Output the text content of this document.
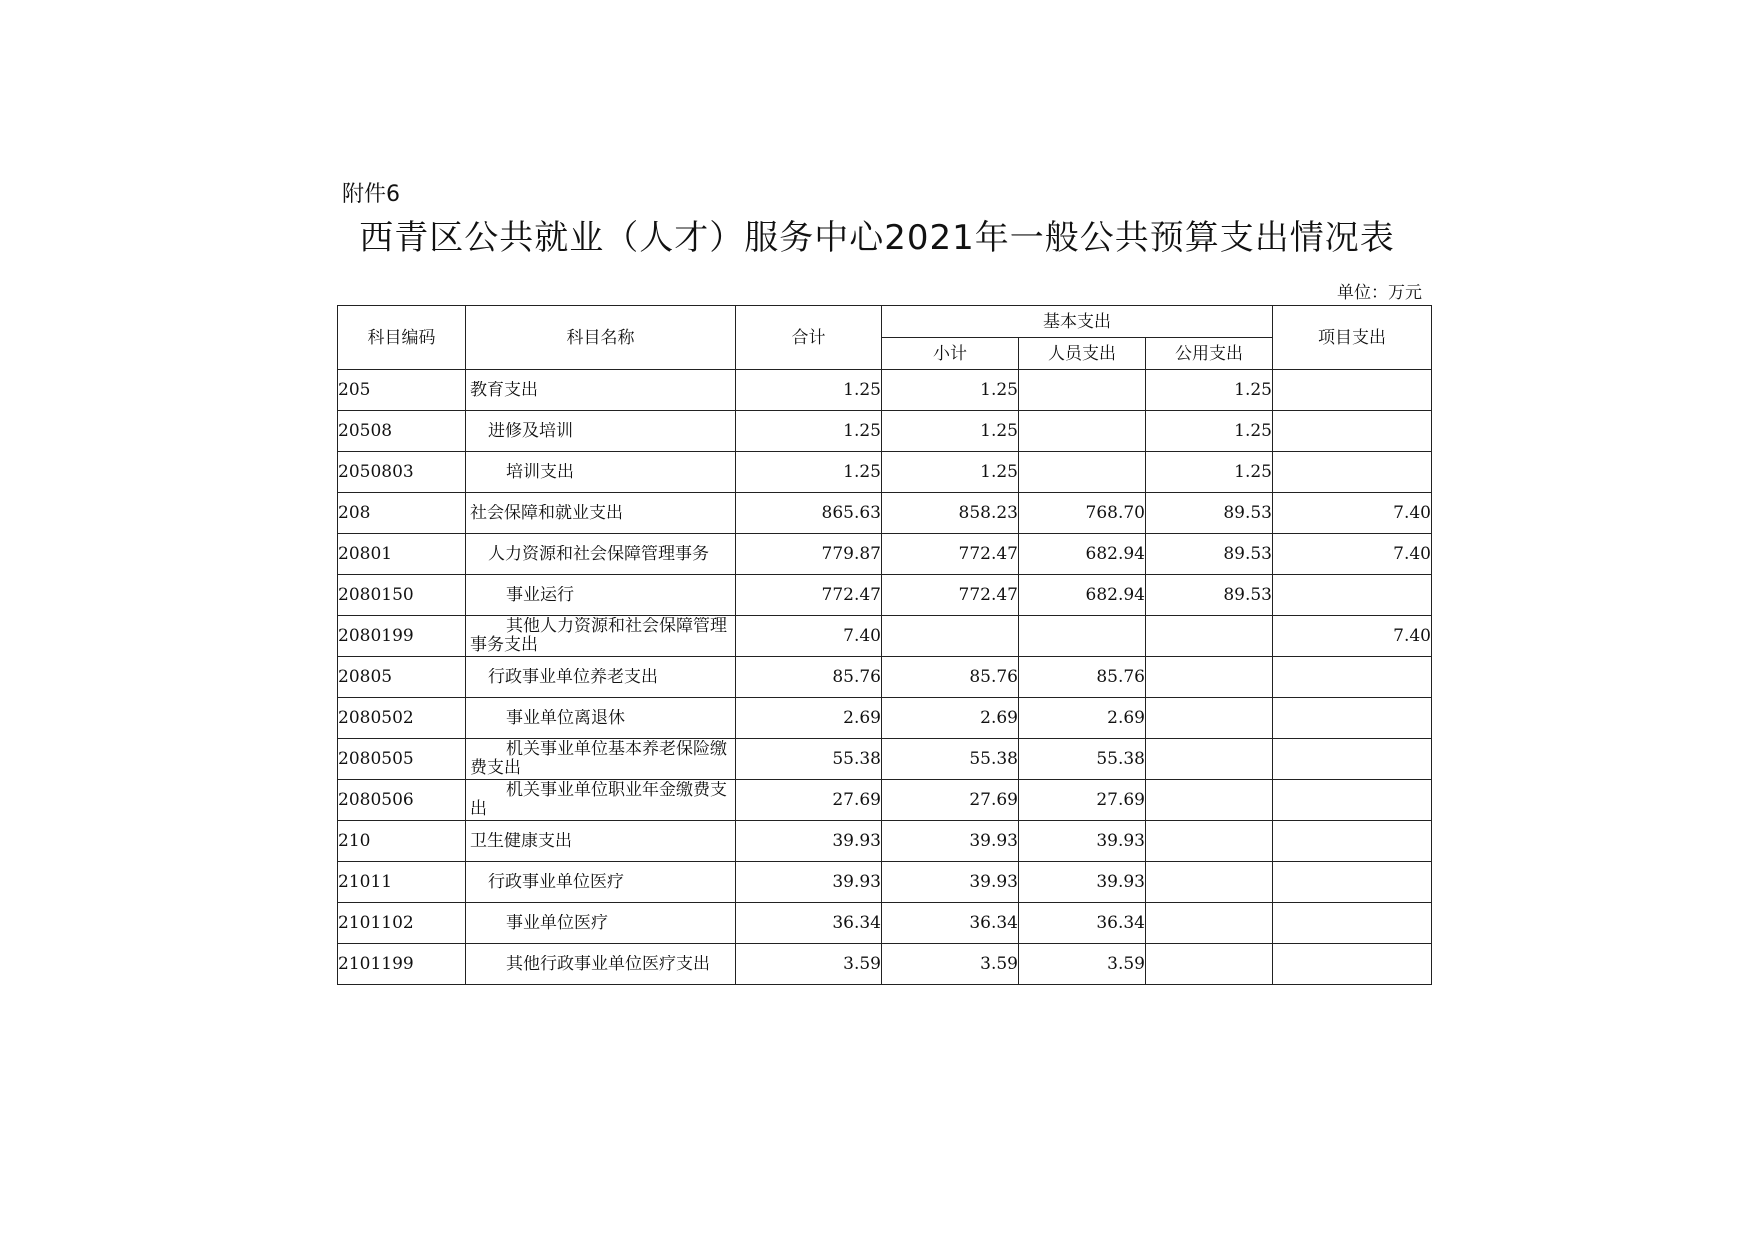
附件6
西青区公共就业（人才）服务中心2021年一般公共预算支出情况表
单位：万元
科目编码	科目名称	合计	基本支出			项目支出
			小计	人员支出	公用支出	
205	教育支出	1.25	1.25		1.25	
20508	进修及培训	1.25	1.25		1.25	
2050803	培训支出	1.25	1.25		1.25	
208	社会保障和就业支出	865.63	858.23	768.70	89.53	7.40
20801	人力资源和社会保障管理事务	779.87	772.47	682.94	89.53	7.40
2080150	事业运行	772.47	772.47	682.94	89.53	
2080199	其他人力资源和社会保障管理事务支出	7.40				7.40
20805	行政事业单位养老支出	85.76	85.76	85.76		
2080502	事业单位离退休	2.69	2.69	2.69		
2080505	机关事业单位基本养老保险缴费支出	55.38	55.38	55.38		
2080506	机关事业单位职业年金缴费支出	27.69	27.69	27.69		
210	卫生健康支出	39.93	39.93	39.93		
21011	行政事业单位医疗	39.93	39.93	39.93		
2101102	事业单位医疗	36.34	36.34	36.34		
2101199	其他行政事业单位医疗支出	3.59	3.59	3.59		
